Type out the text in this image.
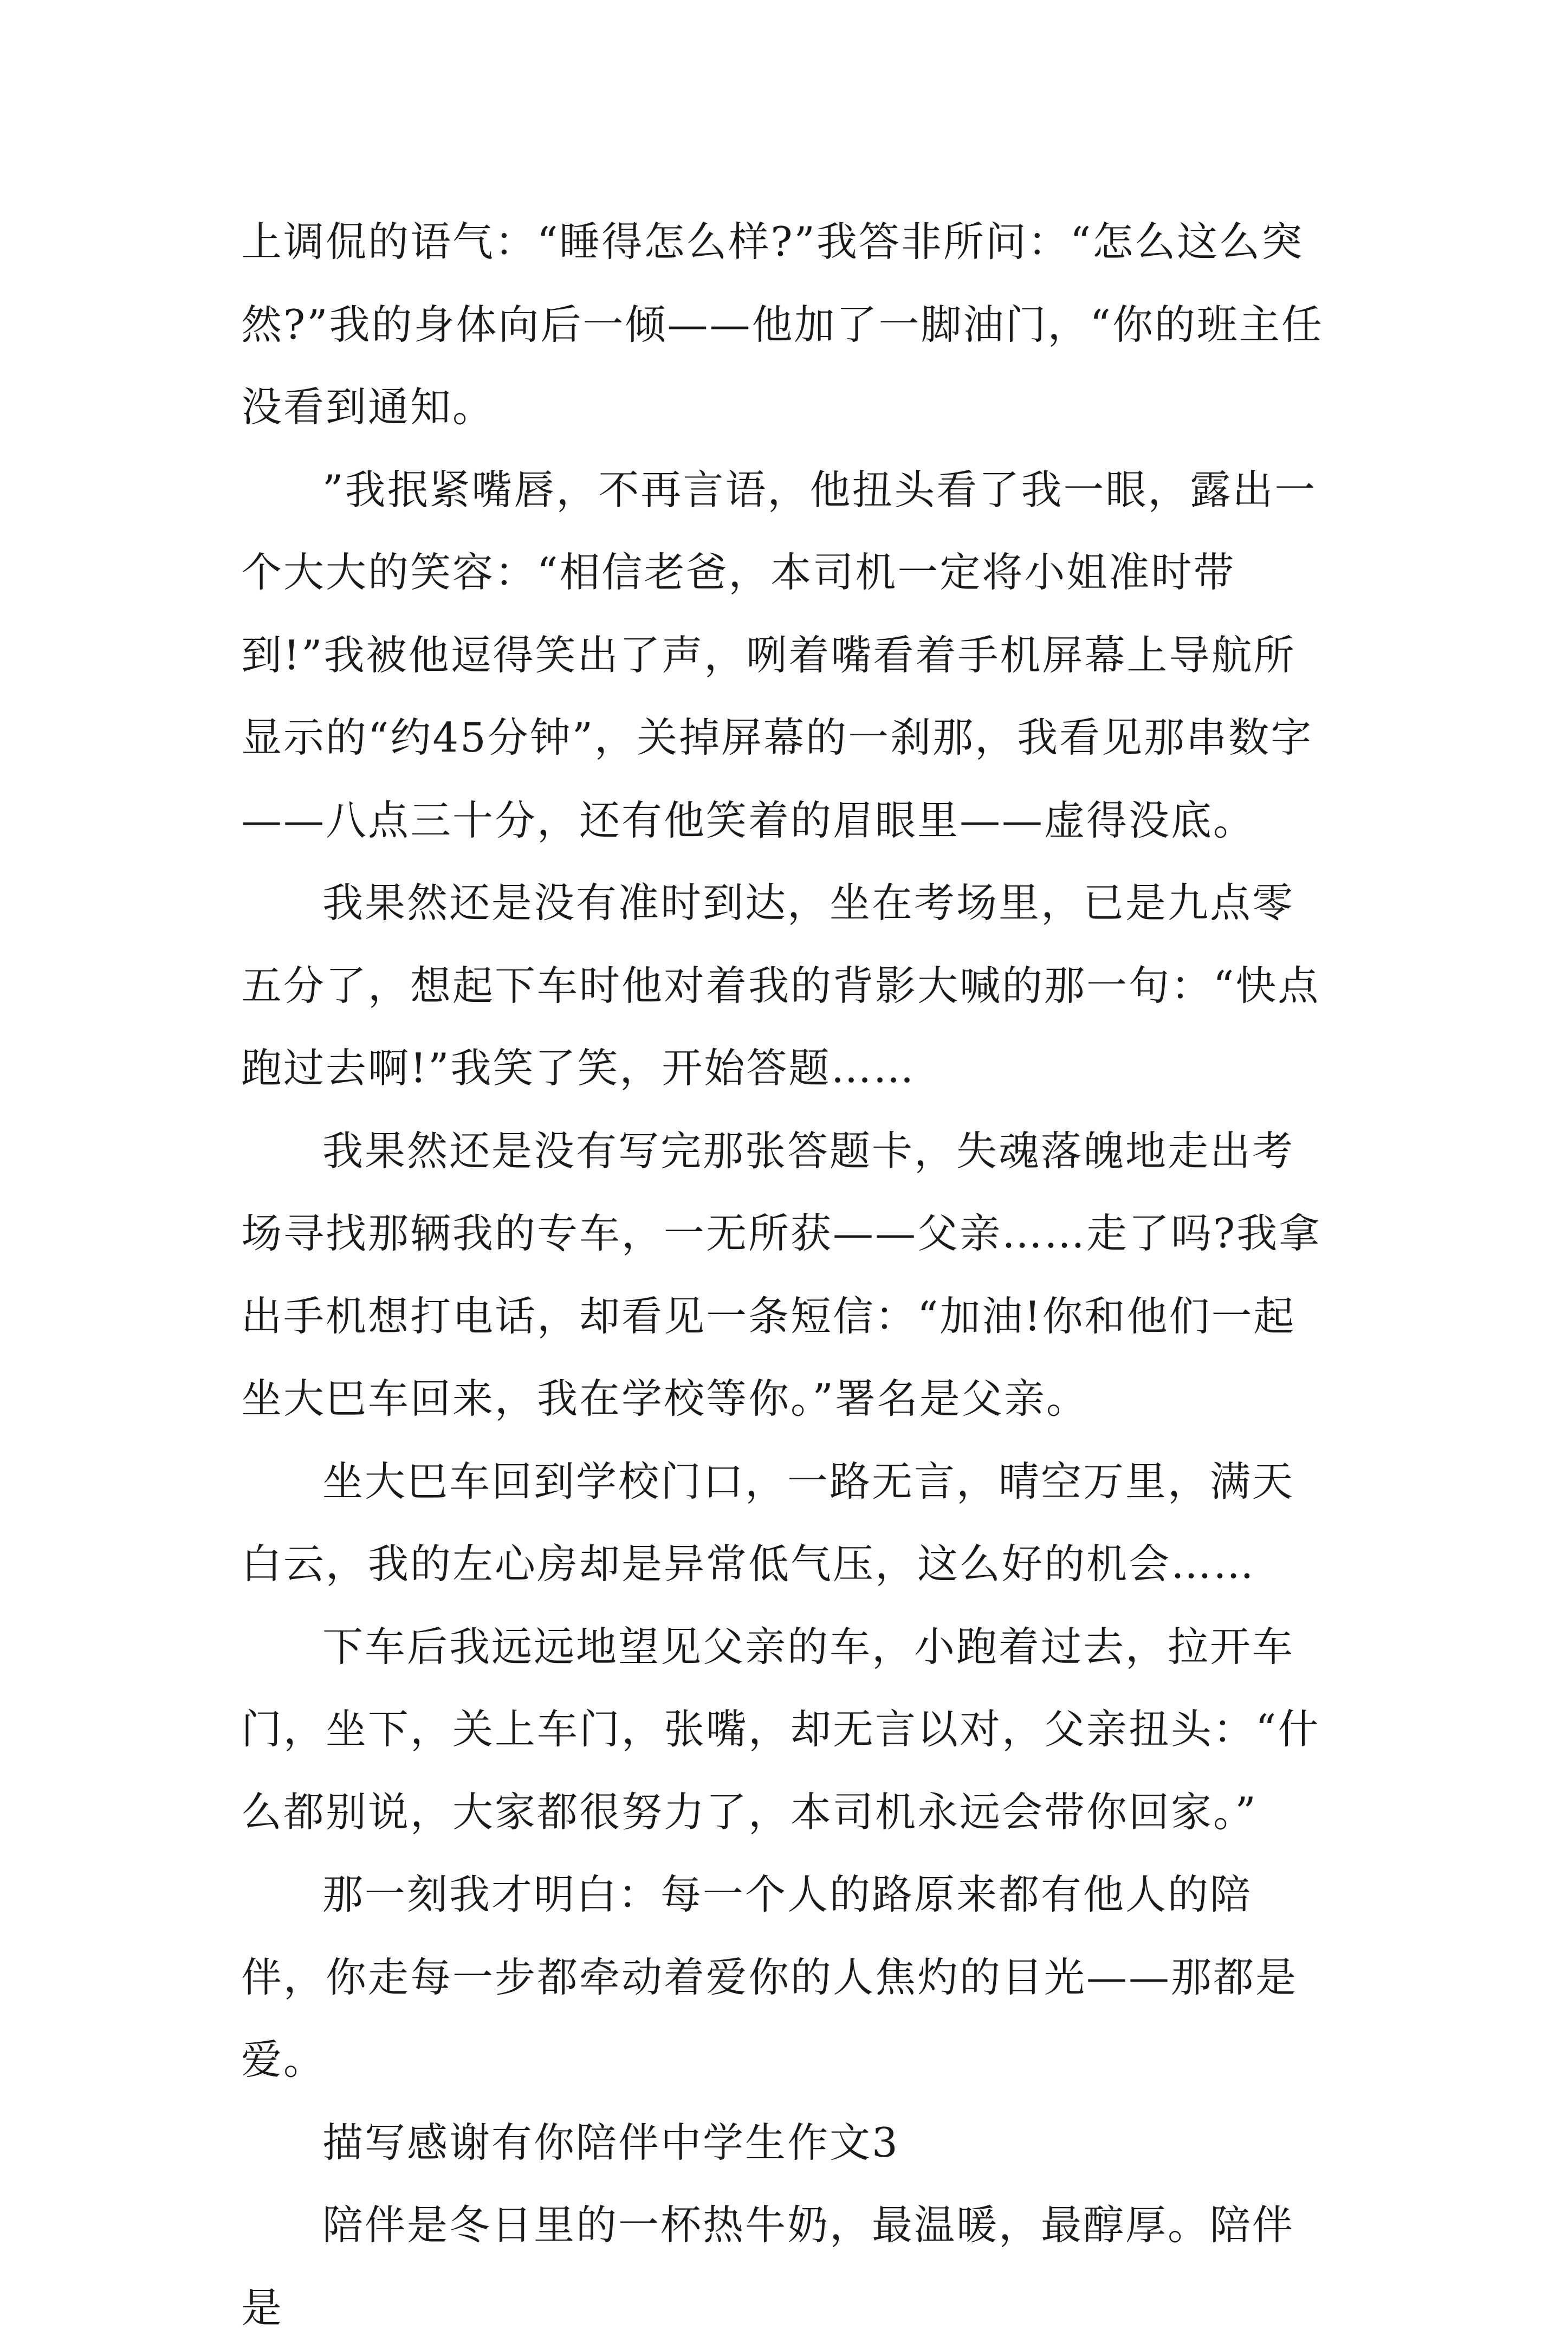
上调侃的语气：“睡得怎么样?”我答非所问：“怎么这么突然?”我的身体向后一倾——他加了一脚油门，“你的班主任没看到通知。

”我抿紧嘴唇，不再言语，他扭头看了我一眼，露出一个大大的笑容：“相信老爸，本司机一定将小姐准时带到!”我被他逗得笑出了声，咧着嘴看着手机屏幕上导航所显示的“约45分钟”，关掉屏幕的一刹那，我看见那串数字——八点三十分，还有他笑着的眉眼里——虚得没底。

我果然还是没有准时到达，坐在考场里，已是九点零五分了，想起下车时他对着我的背影大喊的那一句：“快点跑过去啊!”我笑了笑，开始答题……

我果然还是没有写完那张答题卡，失魂落魄地走出考场寻找那辆我的专车，一无所获——父亲……走了吗?我拿出手机想打电话，却看见一条短信：“加油!你和他们一起坐大巴车回来，我在学校等你。”署名是父亲。

坐大巴车回到学校门口，一路无言，晴空万里，满天白云，我的左心房却是异常低气压，这么好的机会……

下车后我远远地望见父亲的车，小跑着过去，拉开车门，坐下，关上车门，张嘴，却无言以对，父亲扭头：“什么都别说，大家都很努力了，本司机永远会带你回家。”

那一刻我才明白：每一个人的路原来都有他人的陪伴，你走每一步都牵动着爱你的人焦灼的目光——那都是爱。

描写感谢有你陪伴中学生作文3

陪伴是冬日里的一杯热牛奶，最温暖，最醇厚。陪伴是
